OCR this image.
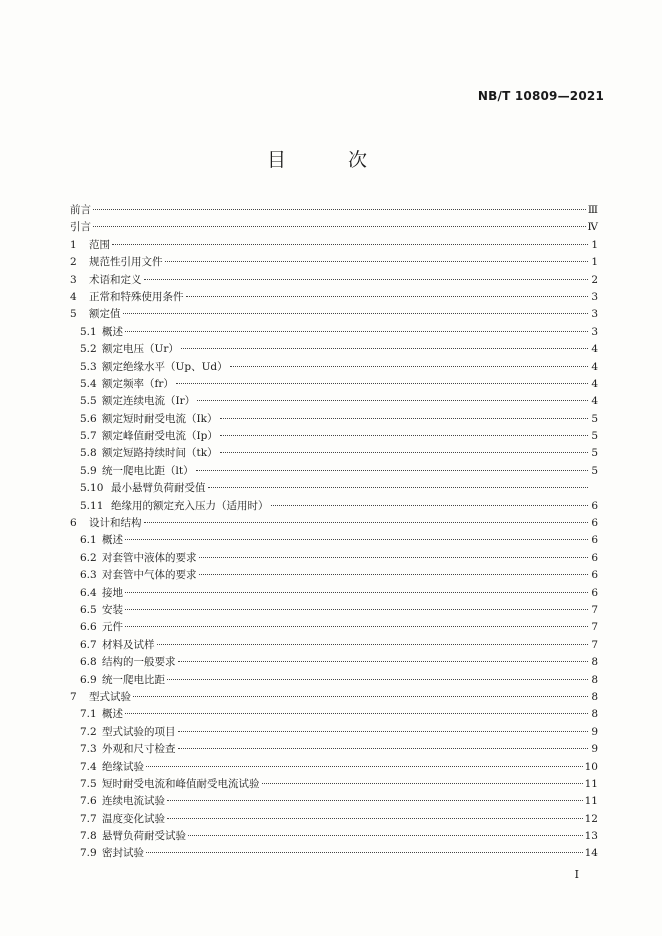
NB/T 10809—2021
目 次
前言	Ⅲ
引言	Ⅳ
1	范围	1
2	规范性引用文件	1
3	术语和定义	2
4	正常和特殊使用条件	3
5	额定值	3
5.1 概述	3
5.2 额定电压（Ur）	4
5.3 额定绝缘水平（Up、Ud）	4
5.4 额定频率（fr）	4
5.5 额定连续电流（Ir）	4
5.6 额定短时耐受电流（Ik）	5
5.7 额定峰值耐受电流（Ip）	5
5.8 额定短路持续时间（tk）	5
5.9 统一爬电比距（lt）	5
5.10 最小悬臂负荷耐受值
5.11 绝缘用的额定充入压力（适用时）	6
6	设计和结构	6
6.1 概述	6
6.2 对套管中液体的要求	6
6.3 对套管中气体的要求	6
6.4 接地	6
6.5 安装	7
6.6 元件	7
6.7 材料及试样	7
6.8 结构的一般要求	8
6.9 统一爬电比距	8
7	型式试验	8
7.1 概述	8
7.2 型式试验的项目	9
7.3 外观和尺寸检查	9
7.4 绝缘试验	10
7.5 短时耐受电流和峰值耐受电流试验	11
7.6 连续电流试验	11
7.7 温度变化试验	12
7.8 悬臂负荷耐受试验	13
7.9 密封试验	14
I
